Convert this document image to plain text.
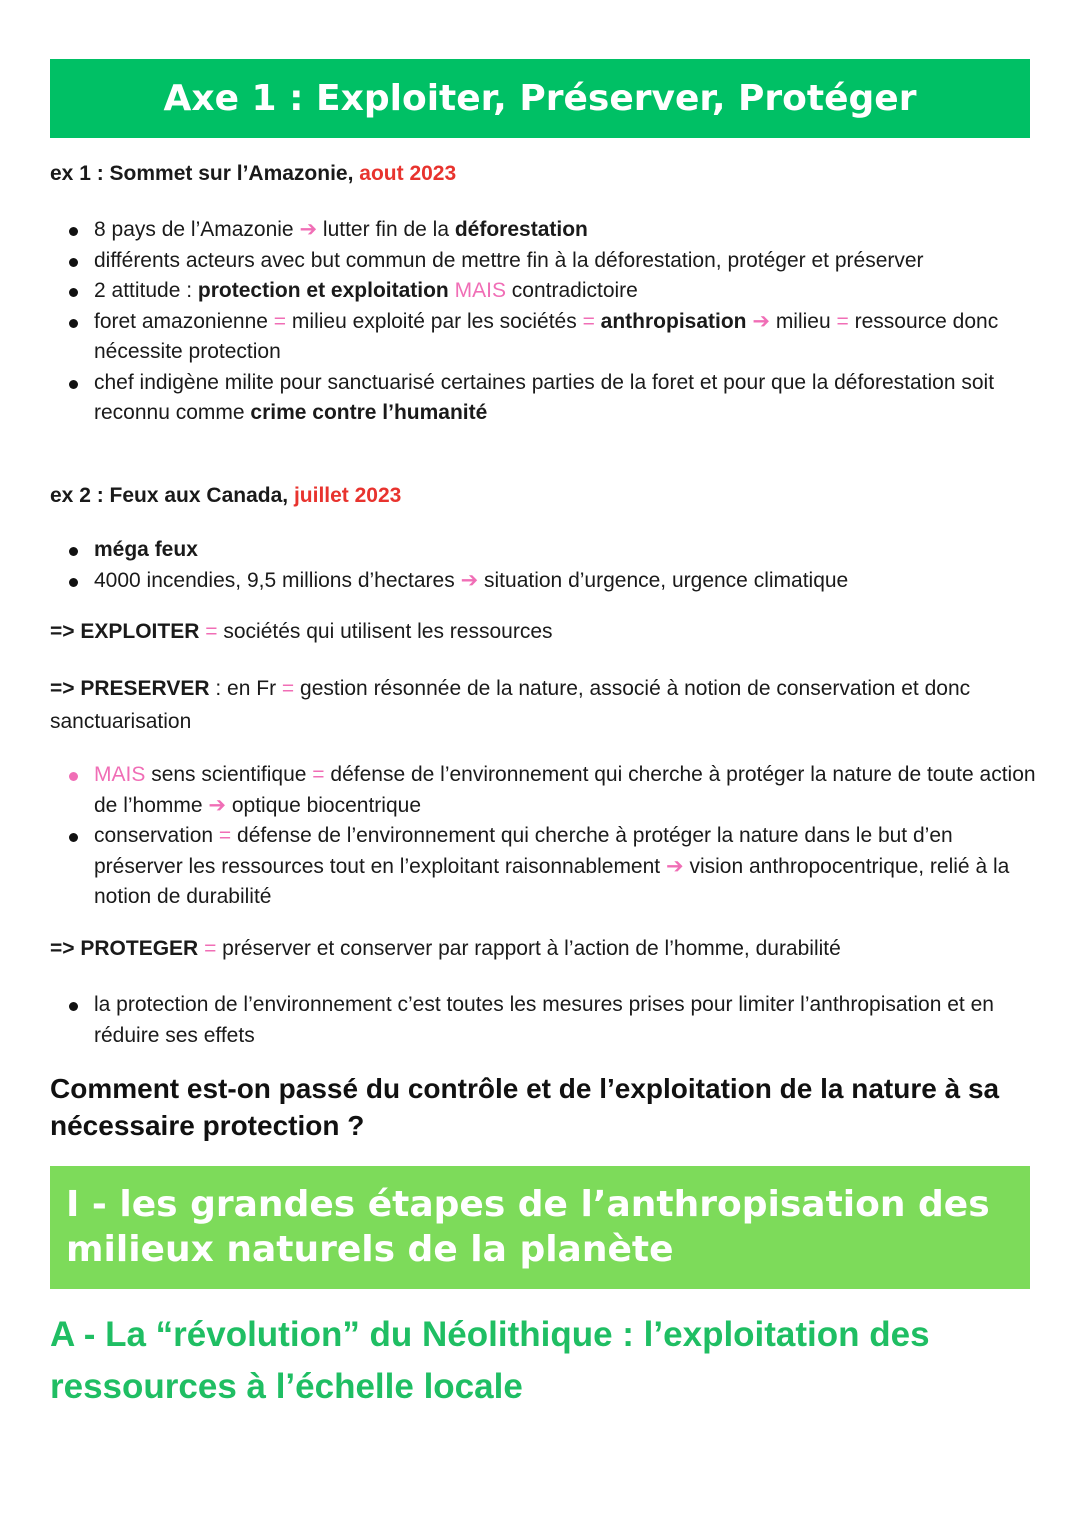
Axe 1 : Exploiter, Préserver, Protéger
ex 1 : Sommet sur l’Amazonie, aout 2023
8 pays de l’Amazonie ➔ lutter fin de la déforestation
différents acteurs avec but commun de mettre fin à la déforestation, protéger et préserver
2 attitude : protection et exploitation MAIS contradictoire
foret amazonienne = milieu exploité par les sociétés = anthropisation ➔ milieu = ressource donc nécessite protection
chef indigène milite pour sanctuarisé certaines parties de la foret et pour que la déforestation soit reconnu comme crime contre l’humanité
ex 2 : Feux aux Canada, juillet 2023
méga feux
4000 incendies, 9,5 millions d’hectares ➔ situation d’urgence, urgence climatique
=> EXPLOITER = sociétés qui utilisent les ressources
=> PRESERVER : en Fr = gestion résonnée de la nature, associé à notion de conservation et donc sanctuarisation
MAIS sens scientifique = défense de l’environnement qui cherche à protéger la nature de toute action de l’homme ➔ optique biocentrique
conservation = défense de l’environnement qui cherche à protéger la nature dans le but d’en préserver les ressources tout en l’exploitant raisonnablement ➔ vision anthropocentrique, relié à la notion de durabilité
=> PROTEGER = préserver et conserver par rapport à l’action de l’homme, durabilité
la protection de l’environnement c’est toutes les mesures prises pour limiter l’anthropisation et en réduire ses effets
Comment est-on passé du contrôle et de l’exploitation de la nature à sa nécessaire protection ?
I - les grandes étapes de l’anthropisation des milieux naturels de la planète
A - La “révolution” du Néolithique : l’exploitation des ressources à l’échelle locale
